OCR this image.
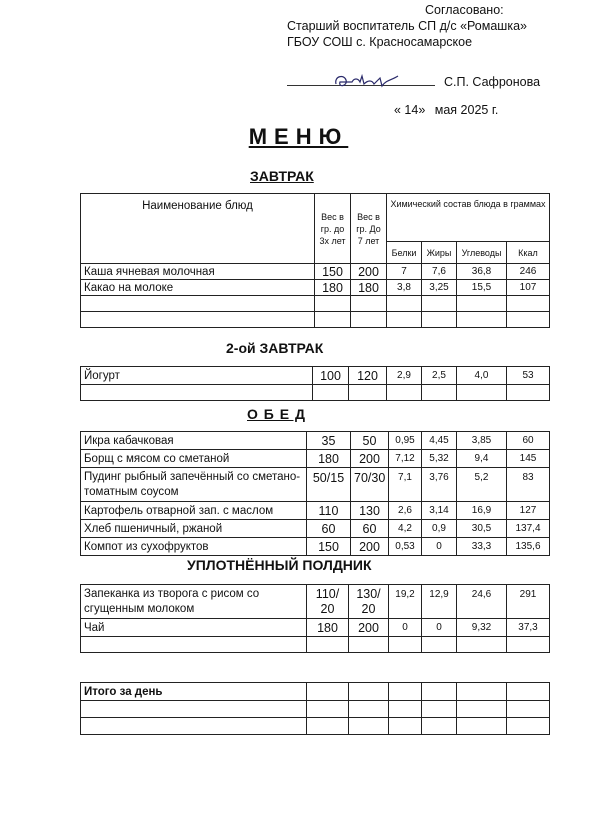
Согласовано:
Старший воспитатель СП д/с «Ромашка»
ГБОУ СОШ с. Красносамарское
С.П. Сафронова
« 14» мая 2025 г.
МЕНЮ
ЗАВТРАК
Наименование блюд	Вес в гр. до 3х лет	Вес в гр. До 7 лет	Химический состав блюда в граммах			
			Белки	Жиры	Углеводы	Ккал
Каша ячневая молочная	150	200	7	7,6	36,8	246
Какао на молоке	180	180	3,8	3,25	15,5	107

2-ой ЗАВТРАК
Йогурт	100	120	2,9	2,5	4,0	53

О Б Е Д
Икра кабачковая	35	50	0,95	4,45	3,85	60
Борщ с мясом со сметаной	180	200	7,12	5,32	9,4	145
Пудинг рыбный запечённый со сметано-томатным соусом	50/15	70/30	7,1	3,76	5,2	83
Картофель отварной зап. с маслом	110	130	2,6	3,14	16,9	127
Хлеб пшеничный, ржаной	60	60	4,2	0,9	30,5	137,4
Компот из сухофруктов	150	200	0,53	0	33,3	135,6
УПЛОТНЁННЫЙ ПОЛДНИК
Запеканка из творога с рисом со сгущенным молоком	110/ 20	130/ 20	19,2	12,9	24,6	291
Чай	180	200	0	0	9,32	37,3

Итого за день						
